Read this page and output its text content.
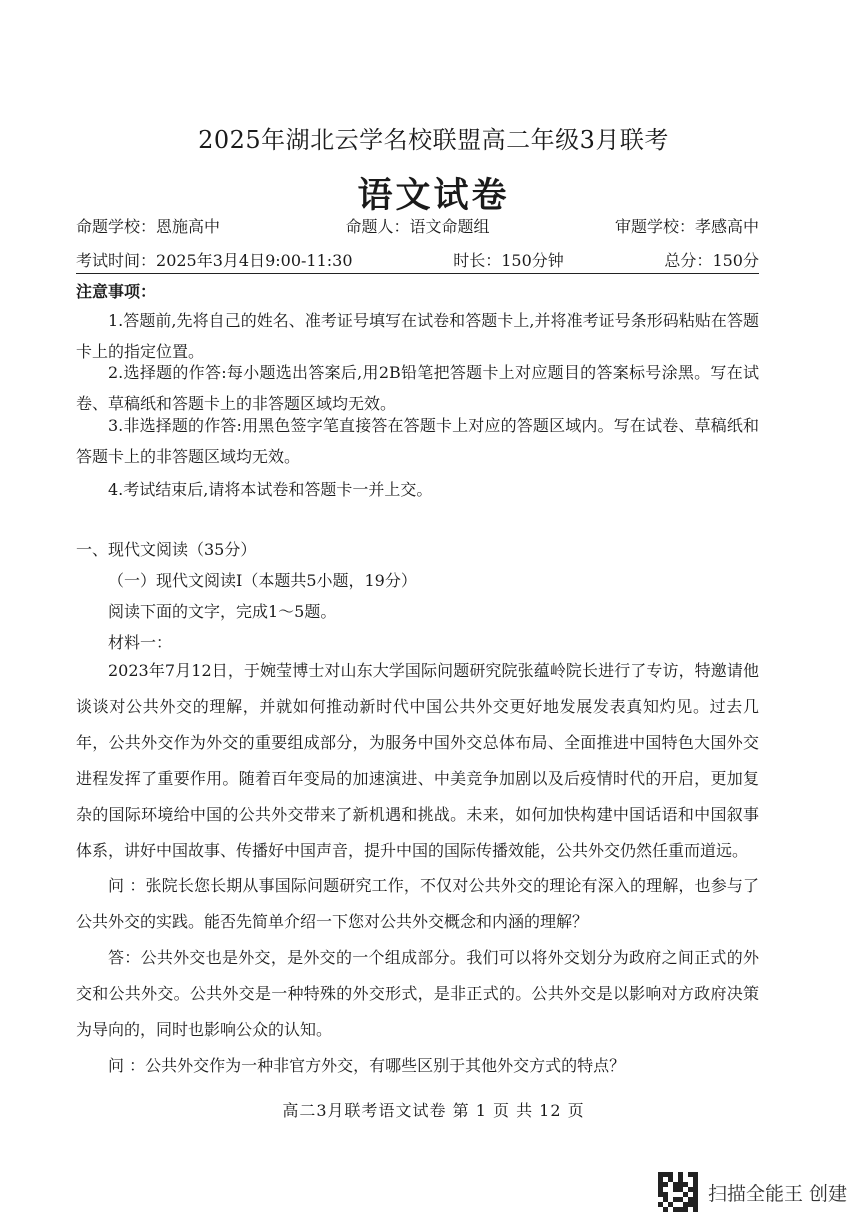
2025年湖北云学名校联盟高二年级3月联考
语文试卷
命题学校：恩施高中	命题人：语文命题组	审题学校：孝感高中
考试时间：2025年3月4日9:00-11:30	时长：150分钟	总分：150分
注意事项：
1.答题前,先将自己的姓名、准考证号填写在试卷和答题卡上,并将准考证号条形码粘贴在答题卡上的指定位置。
2.选择题的作答:每小题选出答案后,用2B铅笔把答题卡上对应题目的答案标号涂黑。写在试卷、草稿纸和答题卡上的非答题区域均无效。
3.非选择题的作答:用黑色签字笔直接答在答题卡上对应的答题区域内。写在试卷、草稿纸和答题卡上的非答题区域均无效。
4.考试结束后,请将本试卷和答题卡一并上交。
一、现代文阅读（35分）
（一）现代文阅读Ⅰ（本题共5小题，19分）
阅读下面的文字，完成1～5题。
材料一：
2023年7月12日，于婉莹博士对山东大学国际问题研究院张蕴岭院长进行了专访，特邀请他谈谈对公共外交的理解，并就如何推动新时代中国公共外交更好地发展发表真知灼见。过去几年，公共外交作为外交的重要组成部分，为服务中国外交总体布局、全面推进中国特色大国外交进程发挥了重要作用。随着百年变局的加速演进、中美竞争加剧以及后疫情时代的开启，更加复杂的国际环境给中国的公共外交带来了新机遇和挑战。未来，如何加快构建中国话语和中国叙事体系，讲好中国故事、传播好中国声音，提升中国的国际传播效能，公共外交仍然任重而道远。
问 ：张院长您长期从事国际问题研究工作，不仅对公共外交的理论有深入的理解，也参与了公共外交的实践。能否先简单介绍一下您对公共外交概念和内涵的理解？
答：公共外交也是外交，是外交的一个组成部分。我们可以将外交划分为政府之间正式的外交和公共外交。公共外交是一种特殊的外交形式，是非正式的。公共外交是以影响对方政府决策为导向的，同时也影响公众的认知。
问 ：公共外交作为一种非官方外交，有哪些区别于其他外交方式的特点？
高二3月联考语文试卷 第 1 页 共 12 页
扫描全能王 创建
